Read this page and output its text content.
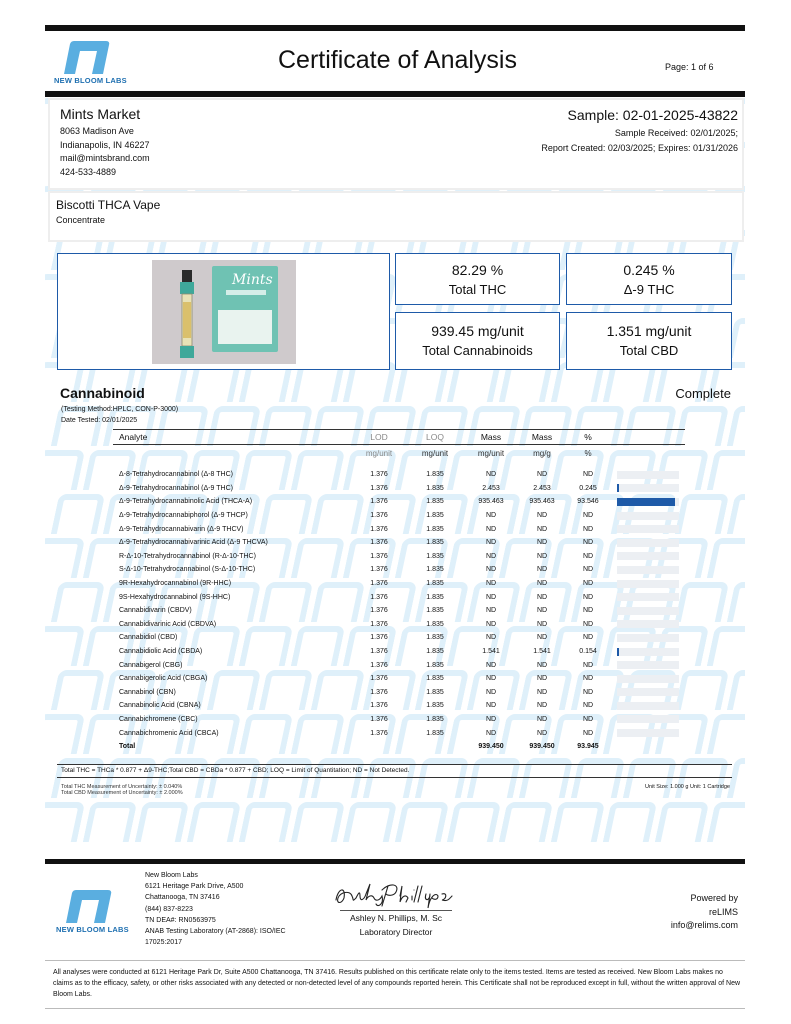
NEW BLOOM LABS
Certificate of Analysis	Page: 1 of 6
Mints Market
8063 Madison Ave
Indianapolis, IN 46227
mail@mintsbrand.com
424-533-4889
Sample: 02-01-2025-43822
Sample Received: 02/01/2025;
Report Created: 02/03/2025; Expires: 01/31/2026
Biscotti THCA Vape
Concentrate
Mints
82.29 %
Total THC
0.245 %
Δ-9 THC
939.45 mg/unit
Total Cannabinoids
1.351 mg/unit
Total CBD
Cannabinoid	Complete
(Testing Method:HPLC, CON-P-3000)
Date Tested: 02/01/2025
Analyte	LOD	LOQ	Mass	Mass	%	
	mg/unit	mg/unit	mg/unit	mg/g	%	
Δ-8-Tetrahydrocannabinol (Δ-8 THC)	1.376	1.835	ND	ND	ND	

Δ-9-Tetrahydrocannabinol (Δ-9 THC)	1.376	1.835	2.453	2.453	0.245	

Δ-9-Tetrahydrocannabinolic Acid (THCA-A)	1.376	1.835	935.463	935.463	93.546	

Δ-9-Tetrahydrocannabiphorol (Δ-9 THCP)	1.376	1.835	ND	ND	ND	

Δ-9-Tetrahydrocannabivarin (Δ-9 THCV)	1.376	1.835	ND	ND	ND	

Δ-9-Tetrahydrocannabivarinic Acid (Δ-9 THCVA)	1.376	1.835	ND	ND	ND	

R-Δ-10-Tetrahydrocannabinol (R-Δ-10-THC)	1.376	1.835	ND	ND	ND	

S-Δ-10-Tetrahydrocannabinol (S-Δ-10-THC)	1.376	1.835	ND	ND	ND	

9R-Hexahydrocannabinol (9R-HHC)	1.376	1.835	ND	ND	ND	

9S-Hexahydrocannabinol (9S-HHC)	1.376	1.835	ND	ND	ND	

Cannabidivarin (CBDV)	1.376	1.835	ND	ND	ND	

Cannabidivarinic Acid (CBDVA)	1.376	1.835	ND	ND	ND	

Cannabidiol (CBD)	1.376	1.835	ND	ND	ND	

Cannabidiolic Acid (CBDA)	1.376	1.835	1.541	1.541	0.154	

Cannabigerol (CBG)	1.376	1.835	ND	ND	ND	

Cannabigerolic Acid (CBGA)	1.376	1.835	ND	ND	ND	

Cannabinol (CBN)	1.376	1.835	ND	ND	ND	

Cannabinolic Acid (CBNA)	1.376	1.835	ND	ND	ND	

Cannabichromene (CBC)	1.376	1.835	ND	ND	ND	

Cannabichromenic Acid (CBCA)	1.376	1.835	ND	ND	ND	

Total			939.450	939.450	93.945	
Total THC = THCa * 0.877 + Δ9-THC;Total CBD = CBDa * 0.877 + CBD; LOQ = Limit of Quantitation; ND = Not Detected.
Total THC Measurement of Uncertainty: ± 0.040%
Total CBD Measurement of Uncertainty: ± 2.000%
Unit Size: 1.000 g Unit: 1 Cartridge
NEW BLOOM LABS
New Bloom Labs
6121 Heritage Park Drive, A500
Chattanooga, TN 37416
(844) 837-8223
TN DEA#: RN0563975
ANAB Testing Laboratory (AT-2868): ISO/IEC
17025:2017
Ashley N. Phillips, M. Sc
Laboratory Director
Powered by
reLIMS
info@relims.com
All analyses were conducted at 6121 Heritage Park Dr, Suite A500 Chattanooga, TN 37416. Results published on this certificate relate only to the items tested. Items are tested as received. New Bloom Labs makes no claims as to the efficacy, safety, or other risks associated with any detected or non-detected level of any compounds reported herein. This Certificate shall not be reproduced except in full, without the written approval of New Bloom Labs.
